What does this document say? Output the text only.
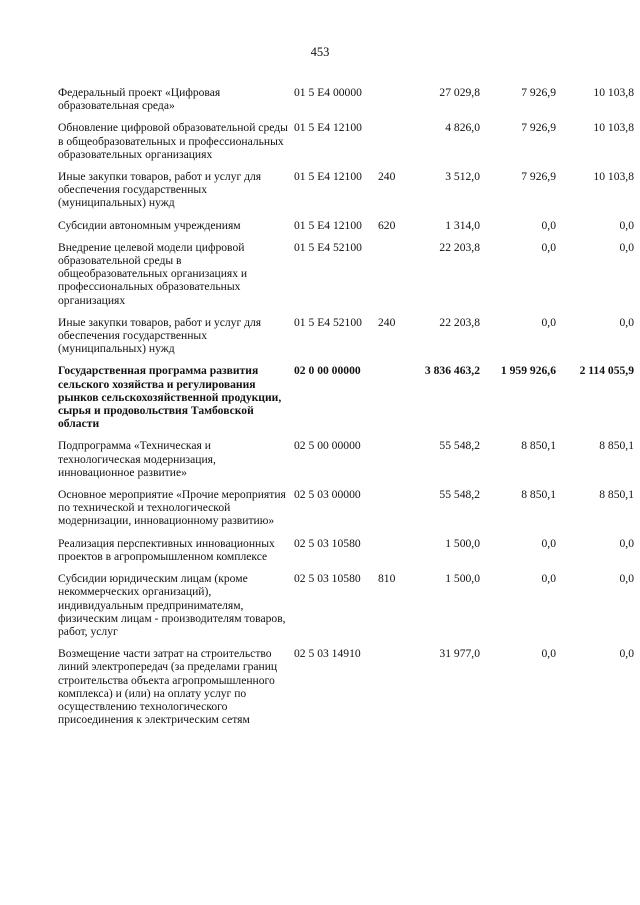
453
Федеральный проект «Цифровая образовательная среда»	01 5 E4 00000		27 029,8	7 926,9	10 103,8
Обновление цифровой образовательной среды в общеобразовательных и профессиональных образовательных организациях	01 5 E4 12100		4 826,0	7 926,9	10 103,8
Иные закупки товаров, работ и услуг для обеспечения государственных (муниципальных) нужд	01 5 E4 12100	240	3 512,0	7 926,9	10 103,8
Субсидии автономным учреждениям	01 5 E4 12100	620	1 314,0	0,0	0,0
Внедрение целевой модели цифровой образовательной среды в общеобразовательных организациях и профессиональных образовательных организациях	01 5 E4 52100		22 203,8	0,0	0,0
Иные закупки товаров, работ и услуг для обеспечения государственных (муниципальных) нужд	01 5 E4 52100	240	22 203,8	0,0	0,0
Государственная программа развития сельского хозяйства и регулирования рынков сельскохозяйственной продукции, сырья и продовольствия Тамбовской области	02 0 00 00000		3 836 463,2	1 959 926,6	2 114 055,9
Подпрограмма «Техническая и технологическая модернизация, инновационное развитие»	02 5 00 00000		55 548,2	8 850,1	8 850,1
Основное мероприятие «Прочие мероприятия по технической и технологической модернизации, инновационному развитию»	02 5 03 00000		55 548,2	8 850,1	8 850,1
Реализация перспективных инновационных проектов в агропромышленном комплексе	02 5 03 10580		1 500,0	0,0	0,0
Субсидии юридическим лицам (кроме некоммерческих организаций), индивидуальным предпринимателям, физическим лицам - производителям товаров, работ, услуг	02 5 03 10580	810	1 500,0	0,0	0,0
Возмещение части затрат на строительство линий электропередач (за пределами границ строительства объекта агропромышленного комплекса) и (или) на оплату услуг по осуществлению технологического присоединения к электрическим сетям	02 5 03 14910		31 977,0	0,0	0,0
